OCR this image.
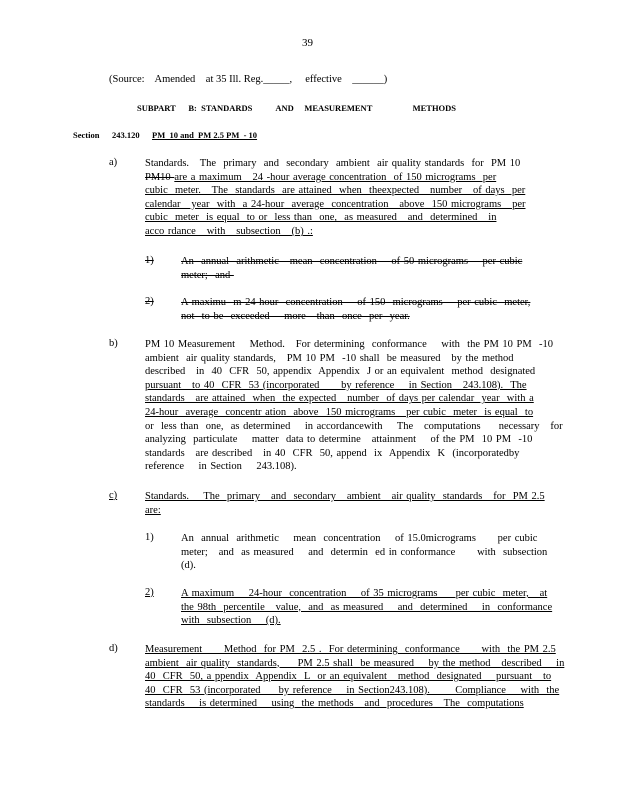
39
(Source:    Amended    at 35 Ill. Reg._____,     effective    ______)
SUBPART      B:  STANDARDS           AND     MEASUREMENT                   METHODS
Section 243.120 PM  10 and  PM 2.5 PM  - 10
a)	Standards.   The  primary  and  secondary  ambient  air quality standards  for  PM 10
PM10 are a maximum   24 -hour average concentration  of 150 micrograms  per
cubic  meter.   The  standards  are attained  when  theexpected   number   of days  per
calendar   year  with  a 24-hour  average  concentration   above  150 micrograms   per
cubic  meter  is equal  to or  less than  one,  as measured   and  determined   in
acco rdance   with   subsection   (b) .:
1)	An  annual  arithmetic   mean  concentration    of 50 micrograms    per cubic
meter;  and
2)	A maximu  m 24-hour  concentration    of 150  micrograms    per cubic  meter,
not  to be  exceeded    more   than  once  per  year.
b)	PM 10 Measurement    Method.   For determining  conformance    with  the PM 10 PM  -10
ambient  air quality standards,   PM 10 PM  -10 shall  be measured   by the method
described   in  40  CFR  50, appendix  Appendix  J or an equivalent  method  designated
pursuant   to 40  CFR  53 (incorporated      by reference    in Section   243.108).  The
standards   are attained  when  the expected   number  of days per calendar  year  with a
24-hour  average  concentr ation  above  150 micrograms   per cubic  meter  is equal  to
or  less than  one,  as determined    in accordancewith    The   computations     necessary   for
analyzing  particulate    matter  data to determine   attainment    of the PM  10 PM  -10
standards   are described   in 40  CFR  50, append  ix  Appendix  K  (incorporatedby
reference    in Section    243.108).
c)	Standards.    The  primary   and  secondary   ambient   air quality  standards   for  PM 2.5
are:
1)	An  annual  arithmetic    mean  concentration    of 15.0micrograms      per cubic
meter;   and  as measured    and  determin  ed in conformance      with  subsection
(d).
2)	A maximum    24-hour  concentration    of 35 micrograms     per cubic  meter,   at
the 98th  percentile   value,  and  as measured    and  determined    in  conformance
with  subsection    (d).
d)	Measurement      Method  for PM  2.5 .  For determining  conformance      with  the PM 2.5
ambient  air quality  standards,     PM 2.5 shall  be measured    by the method   described    in
40  CFR  50, a ppendix  Appendix  L  or an equivalent   method  designated    pursuant   to
40  CFR  53 (incorporated     by reference    in Section243.108).       Compliance    with  the
standards    is determined    using  the methods   and  procedures   The  computations
